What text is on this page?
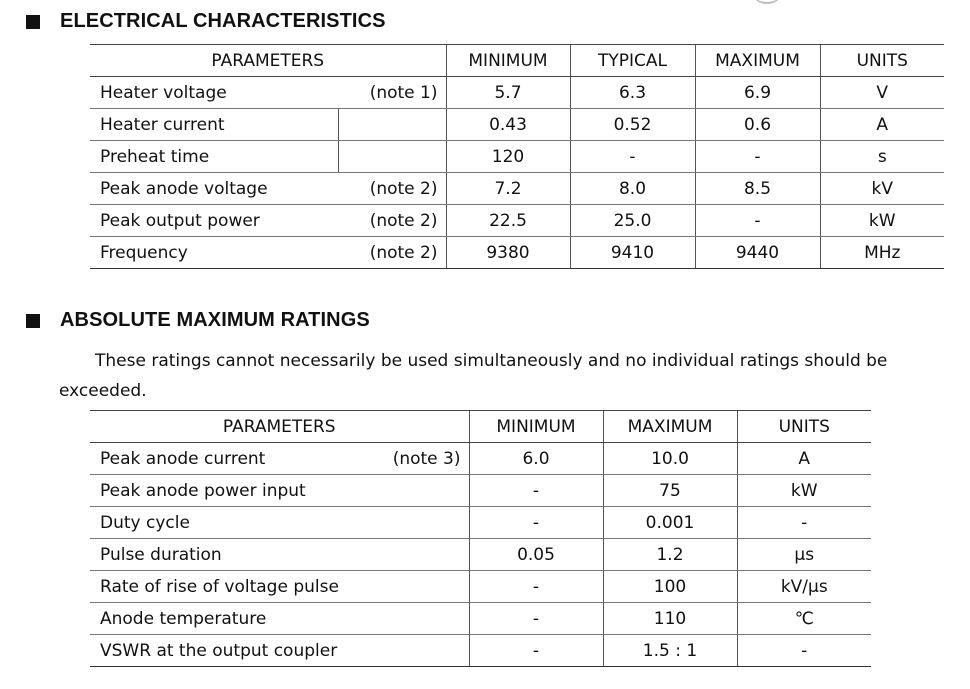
ELECTRICAL CHARACTERISTICS
PARAMETERS		MINIMUM	TYPICAL	MAXIMUM	UNITS
Heater voltage	(note 1)	5.7	6.3	6.9	V
Heater current		0.43	0.52	0.6	A
Preheat time		120	-	-	s
Peak anode voltage	(note 2)	7.2	8.0	8.5	kV
Peak output power	(note 2)	22.5	25.0	-	kW
Frequency	(note 2)	9380	9410	9440	MHz
ABSOLUTE MAXIMUM RATINGS

These ratings cannot necessarily be used simultaneously and no individual ratings should be exceeded.

PARAMETERS		MINIMUM	MAXIMUM	UNITS
Peak anode current	(note 3)	6.0	10.0	A
Peak anode power input		-	75	kW
Duty cycle		-	0.001	-
Pulse duration		0.05	1.2	μs
Rate of rise of voltage pulse		-	100	kV/μs
Anode temperature		-	110	℃
VSWR at the output coupler		-	1.5 : 1	-
